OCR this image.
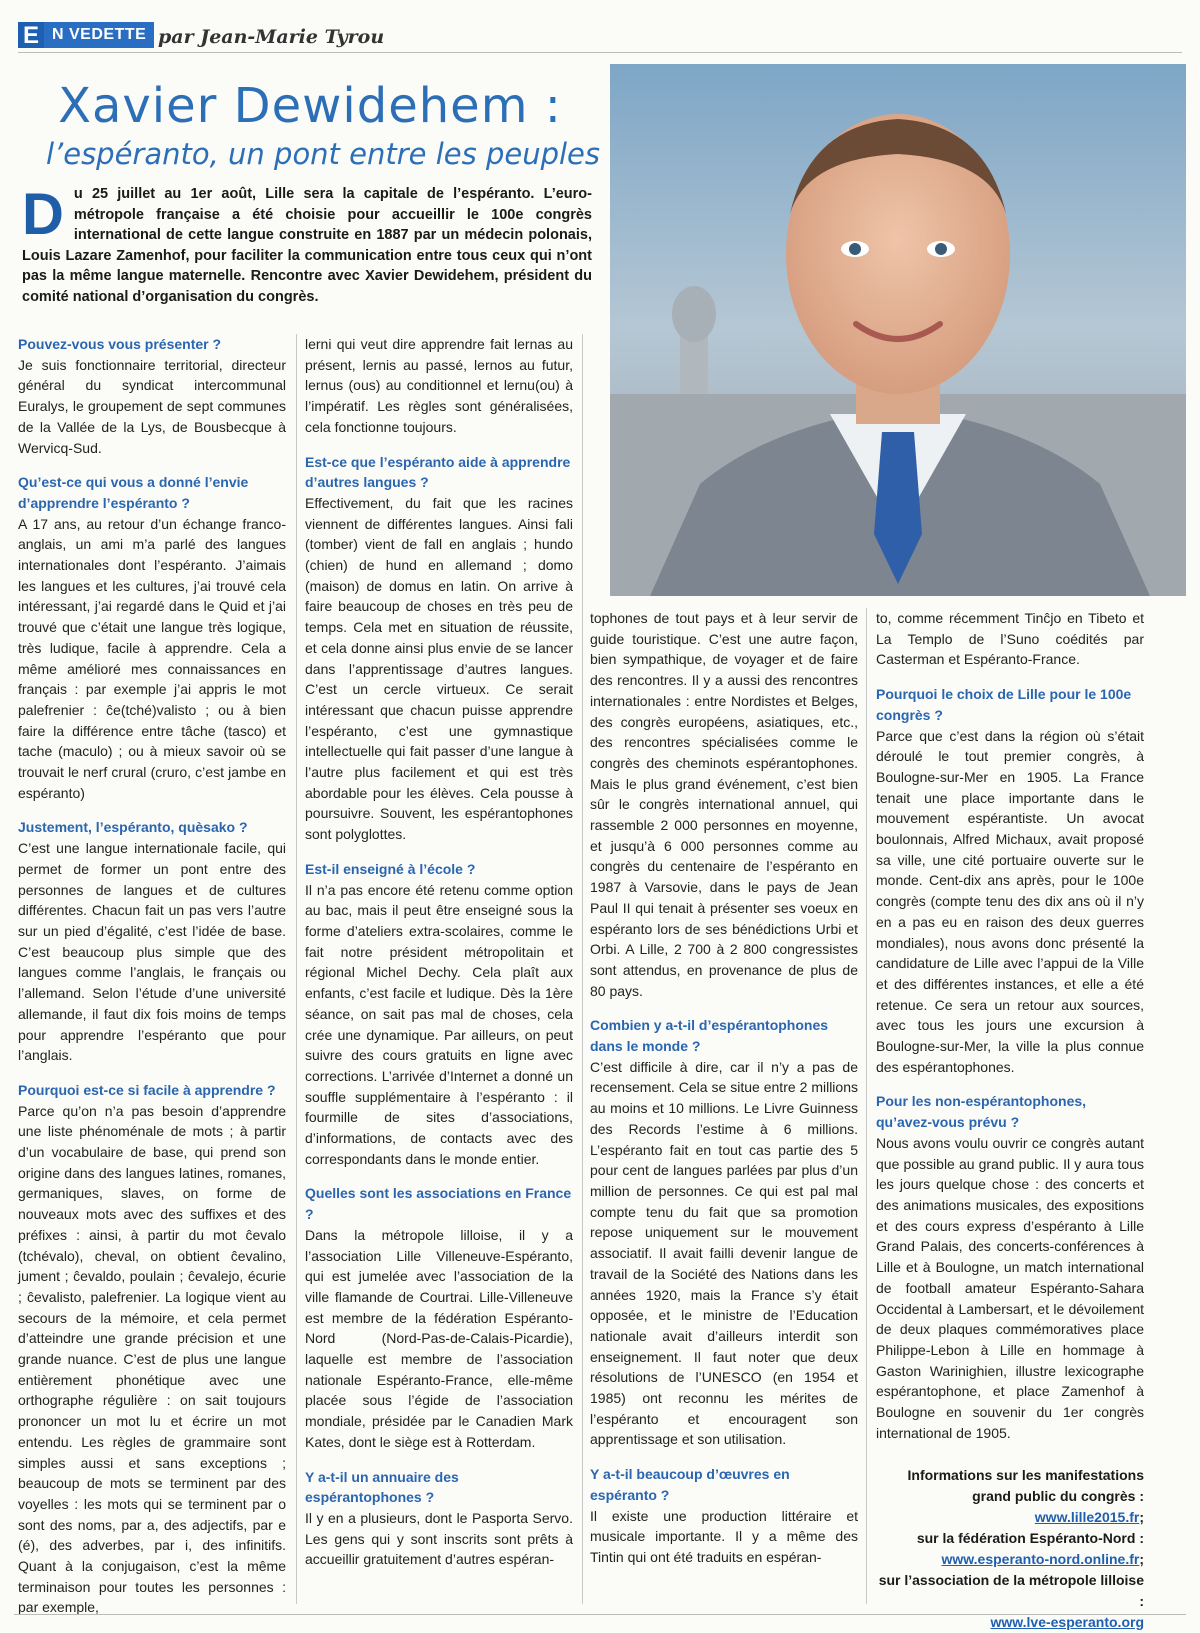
E N VEDETTE par Jean-Marie Tyrou
Xavier Dewidehem :
l’espéranto, un pont entre les peuples
D u 25 juillet au 1er août, Lille sera la capitale de l’espéranto. L’euro-métropole française a été choisie pour accueillir le 100e congrès international de cette langue construite en 1887 par un médecin polonais, Louis Lazare Zamenhof, pour faciliter la communication entre tous ceux qui n’ont pas la même langue maternelle. Rencontre avec Xavier Dewidehem, président du comité national d’organisation du congrès.
Pouvez-vous vous présenter ?

Je suis fonctionnaire territorial, directeur général du syndicat intercommunal Euralys, le groupement de sept communes de la Vallée de la Lys, de Bousbecque à Wervicq-Sud.

Qu’est-ce qui vous a donné l’envie d’apprendre l’espéranto ?

A 17 ans, au retour d’un échange franco-anglais, un ami m’a parlé des langues internationales dont l’espéranto. J’aimais les langues et les cultures, j’ai trouvé cela intéressant, j’ai regardé dans le Quid et j’ai trouvé que c’était une langue très logique, très ludique, facile à apprendre. Cela a même amélioré mes connaissances en français : par exemple j’ai appris le mot palefrenier : ĉe(tché)valisto ; ou à bien faire la différence entre tâche (tasco) et tache (maculo) ; ou à mieux savoir où se trouvait le nerf crural (cruro, c’est jambe en espéranto)

Justement, l’espéranto, quèsako ?

C’est une langue internationale facile, qui permet de former un pont entre des personnes de langues et de cultures différentes. Chacun fait un pas vers l’autre sur un pied d’égalité, c’est l’idée de base. C’est beaucoup plus simple que des langues comme l’anglais, le français ou l’allemand. Selon l’étude d’une université allemande, il faut dix fois moins de temps pour apprendre l’espéranto que pour l’anglais.

Pourquoi est-ce si facile à apprendre ?

Parce qu’on n’a pas besoin d’apprendre une liste phénoménale de mots ; à partir d’un vocabulaire de base, qui prend son origine dans des langues latines, romanes, germaniques, slaves, on forme de nouveaux mots avec des suffixes et des préfixes : ainsi, à partir du mot ĉevalo (tchévalo), cheval, on obtient ĉevalino, jument ; ĉevaldo, poulain ; ĉevalejo, écurie ; ĉevalisto, palefrenier. La logique vient au secours de la mémoire, et cela permet d’atteindre une grande précision et une grande nuance. C’est de plus une langue entièrement phonétique avec une orthographe régulière : on sait toujours prononcer un mot lu et écrire un mot entendu. Les règles de grammaire sont simples aussi et sans exceptions ; beaucoup de mots se terminent par des voyelles : les mots qui se terminent par o sont des noms, par a, des adjectifs, par e (é), des adverbes, par i, des infinitifs. Quant à la conjugaison, c’est la même terminaison pour toutes les personnes : par exemple,

lerni qui veut dire apprendre fait lernas au présent, lernis au passé, lernos au futur, lernus (ous) au conditionnel et lernu(ou) à l’impératif. Les règles sont généralisées, cela fonctionne toujours.

Est-ce que l’espéranto aide à apprendre d’autres langues ?

Effectivement, du fait que les racines viennent de différentes langues. Ainsi fali (tomber) vient de fall en anglais ; hundo (chien) de hund en allemand ; domo (maison) de domus en latin. On arrive à faire beaucoup de choses en très peu de temps. Cela met en situation de réussite, et cela donne ainsi plus envie de se lancer dans l’apprentissage d’autres langues. C’est un cercle virtueux. Ce serait intéressant que chacun puisse apprendre l’espéranto, c’est une gymnastique intellectuelle qui fait passer d’une langue à l’autre plus facilement et qui est très abordable pour les élèves. Cela pousse à poursuivre. Souvent, les espérantophones sont polyglottes.

Est-il enseigné à l’école ?

Il n’a pas encore été retenu comme option au bac, mais il peut être enseigné sous la forme d’ateliers extra-scolaires, comme le fait notre président métropolitain et régional Michel Dechy. Cela plaît aux enfants, c’est facile et ludique. Dès la 1ère séance, on sait pas mal de choses, cela crée une dynamique. Par ailleurs, on peut suivre des cours gratuits en ligne avec corrections. L’arrivée d’Internet a donné un souffle supplémentaire à l’espéranto : il fourmille de sites d’associations, d’informations, de contacts avec des correspondants dans le monde entier.

Quelles sont les associations en France ?

Dans la métropole lilloise, il y a l’association Lille Villeneuve-Espéranto, qui est jumelée avec l’association de la ville flamande de Courtrai. Lille-Villeneuve est membre de la fédération Espéranto-Nord (Nord-Pas-de-Calais-Picardie), laquelle est membre de l’association nationale Espéranto-France, elle-même placée sous l’égide de l’association mondiale, présidée par le Canadien Mark Kates, dont le siège est à Rotterdam.

Y a-t-il un annuaire des espérantophones ?

Il y en a plusieurs, dont le Pasporta Servo. Les gens qui y sont inscrits sont prêts à accueillir gratuitement d’autres espéran-

tophones de tout pays et à leur servir de guide touristique. C’est une autre façon, bien sympathique, de voyager et de faire des rencontres. Il y a aussi des rencontres internationales : entre Nordistes et Belges, des congrès européens, asiatiques, etc., des rencontres spécialisées comme le congrès des cheminots espérantophones. Mais le plus grand événement, c’est bien sûr le congrès international annuel, qui rassemble 2 000 personnes en moyenne, et jusqu’à 6 000 personnes comme au congrès du centenaire de l’espéranto en 1987 à Varsovie, dans le pays de Jean Paul II qui tenait à présenter ses voeux en espéranto lors de ses bénédictions Urbi et Orbi. A Lille, 2 700 à 2 800 congressistes sont attendus, en provenance de plus de 80 pays.

Combien y a-t-il d’espérantophones dans le monde ?

C’est difficile à dire, car il n’y a pas de recensement. Cela se situe entre 2 millions au moins et 10 millions. Le Livre Guinness des Records l’estime à 6 millions. L’espéranto fait en tout cas partie des 5 pour cent de langues parlées par plus d’un million de personnes. Ce qui est pal mal compte tenu du fait que sa promotion repose uniquement sur le mouvement associatif. Il avait failli devenir langue de travail de la Société des Nations dans les années 1920, mais la France s’y était opposée, et le ministre de l’Education nationale avait d’ailleurs interdit son enseignement. Il faut noter que deux résolutions de l’UNESCO (en 1954 et 1985) ont reconnu les mérites de l’espéranto et encouragent son apprentissage et son utilisation.

Y a-t-il beaucoup d’œuvres en espéranto ?

Il existe une production littéraire et musicale importante. Il y a même des Tintin qui ont été traduits en espéran-

to, comme récemment Tinĉjo en Tibeto et La Templo de l’Suno coédités par Casterman et Espéranto-France.

Pourquoi le choix de Lille pour le 100e congrès ?

Parce que c’est dans la région où s’était déroulé le tout premier congrès, à Boulogne-sur-Mer en 1905. La France tenait une place importante dans le mouvement espérantiste. Un avocat boulonnais, Alfred Michaux, avait proposé sa ville, une cité portuaire ouverte sur le monde. Cent-dix ans après, pour le 100e congrès (compte tenu des dix ans où il n’y en a pas eu en raison des deux guerres mondiales), nous avons donc présenté la candidature de Lille avec l’appui de la Ville et des différentes instances, et elle a été retenue. Ce sera un retour aux sources, avec tous les jours une excursion à Boulogne-sur-Mer, la ville la plus connue des espérantophones.

Pour les non-espérantophones, qu’avez-vous prévu ?

Nous avons voulu ouvrir ce congrès autant que possible au grand public. Il y aura tous les jours quelque chose : des concerts et des animations musicales, des expositions et des cours express d’espéranto à Lille Grand Palais, des concerts-conférences à Lille et à Boulogne, un match international de football amateur Espéranto-Sahara Occidental à Lambersart, et le dévoilement de deux plaques commémoratives place Philippe-Lebon à Lille en hommage à Gaston Warinighien, illustre lexicographe espérantophone, et place Zamenhof à Boulogne en souvenir du 1er congrès international de 1905.

Informations sur les manifestations grand public du congrès : www.lille2015.fr;
sur la fédération Espéranto-Nord :
www.esperanto-nord.online.fr;
sur l’association de la métropole lilloise :
www.lve-esperanto.org
